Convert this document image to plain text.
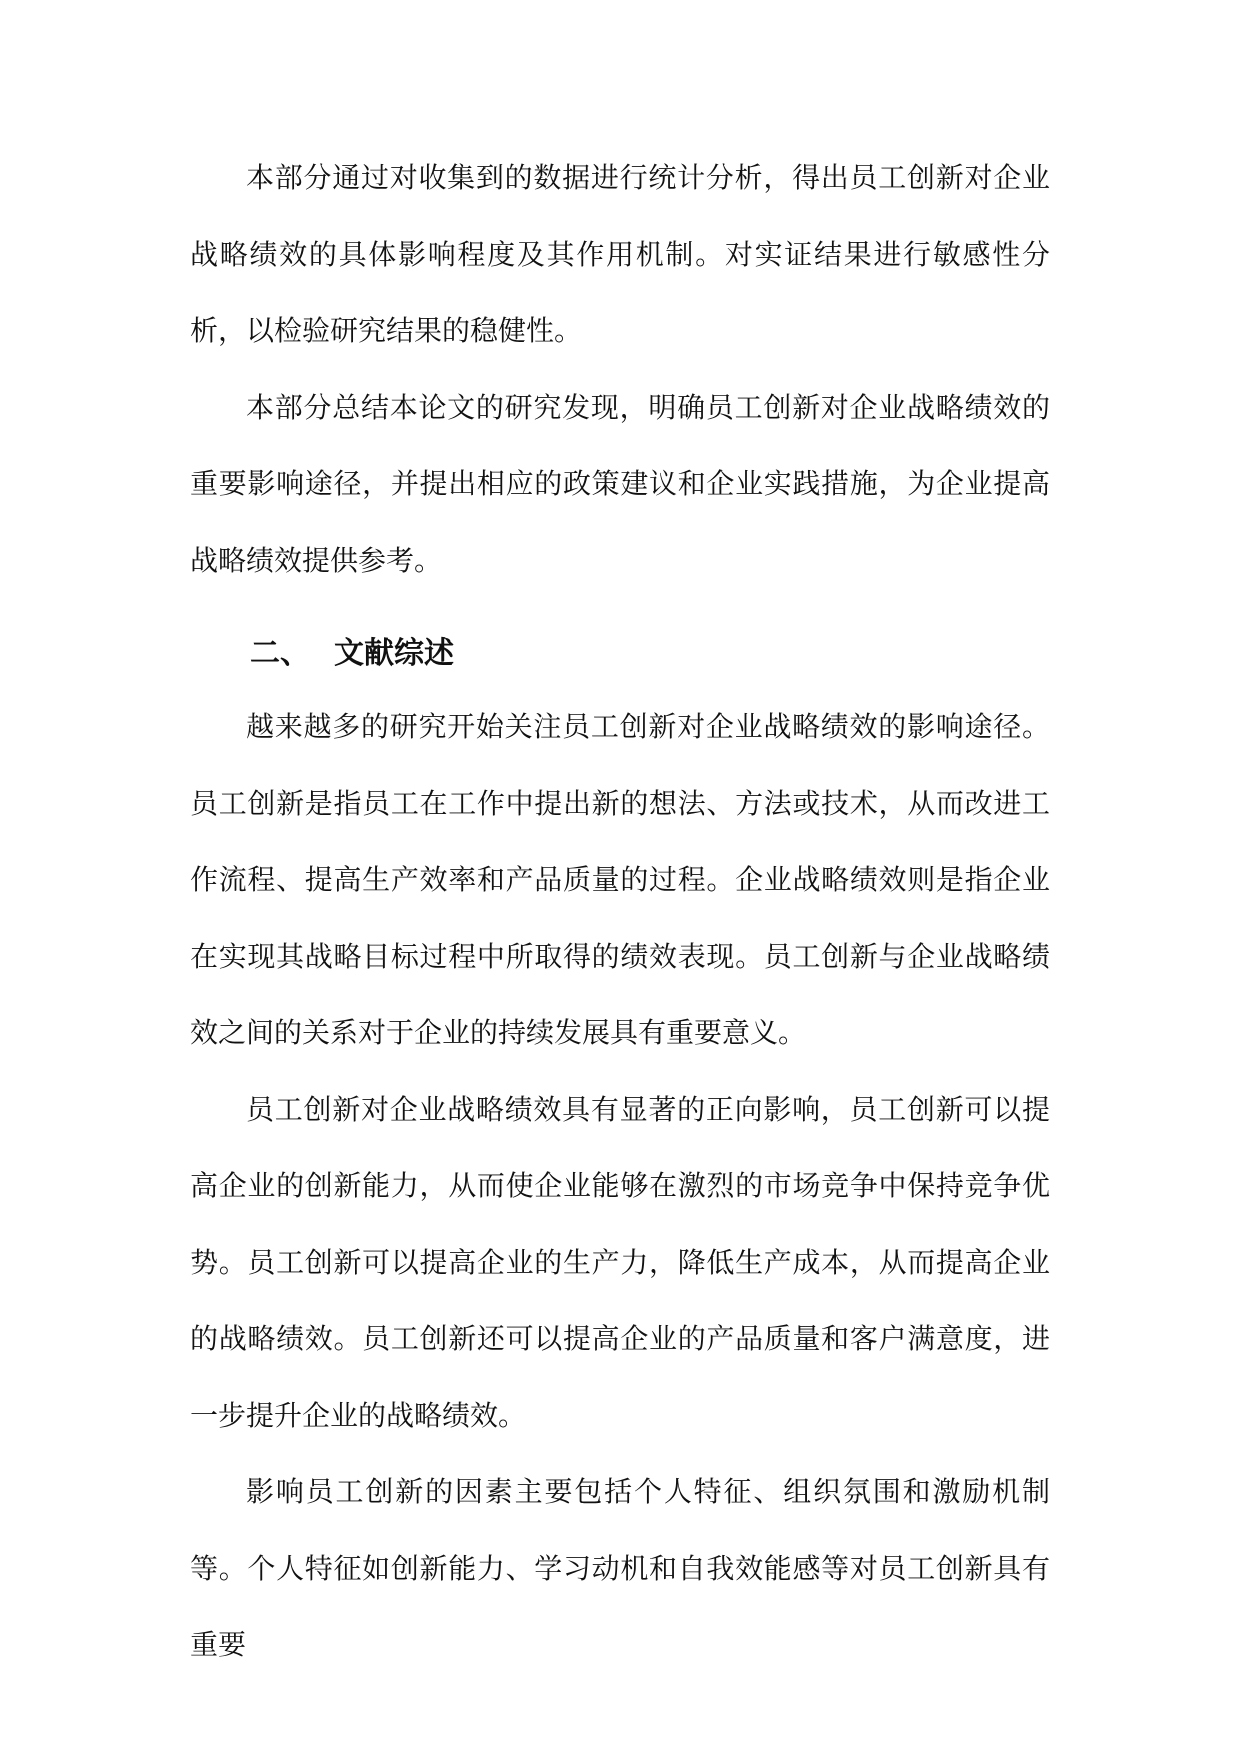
本部分通过对收集到的数据进行统计分析，得出员工创新对企业战略绩效的具体影响程度及其作用机制。对实证结果进行敏感性分析，以检验研究结果的稳健性。

本部分总结本论文的研究发现，明确员工创新对企业战略绩效的重要影响途径，并提出相应的政策建议和企业实践措施，为企业提高战略绩效提供参考。

二、 文献综述

越来越多的研究开始关注员工创新对企业战略绩效的影响途径。员工创新是指员工在工作中提出新的想法、方法或技术，从而改进工作流程、提高生产效率和产品质量的过程。企业战略绩效则是指企业在实现其战略目标过程中所取得的绩效表现。员工创新与企业战略绩效之间的关系对于企业的持续发展具有重要意义。

员工创新对企业战略绩效具有显著的正向影响，员工创新可以提高企业的创新能力，从而使企业能够在激烈的市场竞争中保持竞争优势。员工创新可以提高企业的生产力，降低生产成本，从而提高企业的战略绩效。员工创新还可以提高企业的产品质量和客户满意度，进一步提升企业的战略绩效。

影响员工创新的因素主要包括个人特征、组织氛围和激励机制等。个人特征如创新能力、学习动机和自我效能感等对员工创新具有重要
